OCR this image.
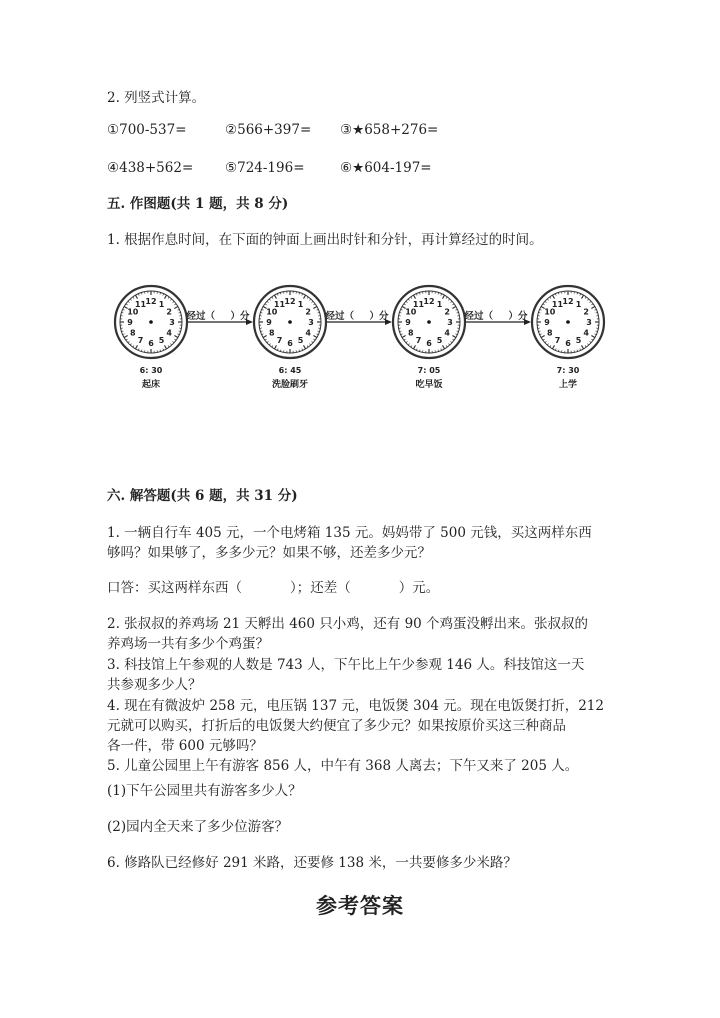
2. 列竖式计算。
①700-537=	②566+397= ③★658+276=
④438+562= ⑤724-196=	⑥★604-197=
五. 作图题(共 1 题，共 8 分)
1. 根据作息时间，在下面的钟面上画出时针和分针，再计算经过的时间。
12 1
2
3
4
5
6
7
8
9
10
11
6: 30
起床
经过（ ）分
12 1
2
3
4
5
6
7
8
9
10
11
6: 45
洗脸刷牙
经过（ ）分
12 1
2
3
4
5
6
7
8
9
10
11
7: 05
吃早饭
经过（ ）分
12 1
2
3
4
5
6
7
8
9
10
11
7: 30
上学
六. 解答题(共 6 题，共 31 分)
1. 一辆自行车 405 元，一个电烤箱 135 元。妈妈带了 500 元钱，买这两样东西
够吗？如果够了，多多少元？如果不够，还差多少元？
口答：买这两样东西（	）；还差（	）元。
2. 张叔叔的养鸡场 21 天孵出 460 只小鸡，还有 90 个鸡蛋没孵出来。张叔叔的
养鸡场一共有多少个鸡蛋？
3. 科技馆上午参观的人数是 743 人，下午比上午少参观 146 人。科技馆这一天
共参观多少人？
4. 现在有微波炉 258 元，电压锅 137 元，电饭煲 304 元。现在电饭煲打折，212
元就可以购买，打折后的电饭煲大约便宜了多少元？如果按原价买这三种商品
各一件，带 600 元够吗？
5. 儿童公园里上午有游客 856 人，中午有 368 人离去；下午又来了 205 人。
(1)下午公园里共有游客多少人？
(2)园内全天来了多少位游客？
6. 修路队已经修好 291 米路，还要修 138 米，一共要修多少米路？
参考答案
